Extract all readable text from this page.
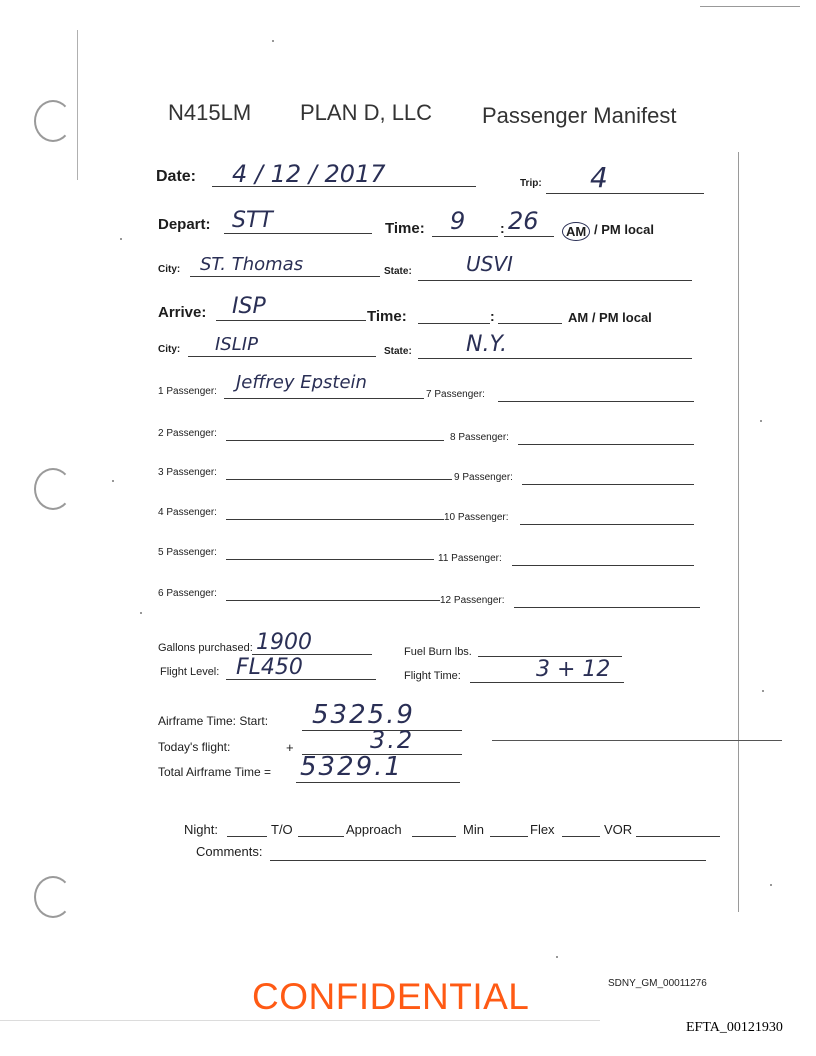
N415LM PLAN D, LLC Passenger Manifest
Date: 4 / 12 / 2017	Trip: 4
Depart: STT	Time: 9 : 26	AM / PM local
City: ST. Thomas	State:	USVI
Arrive: ISP	Time:	:	AM / PM local
City: ISLIP	State: N.Y.
1 Passenger: Jeffrey Epstein
2 Passenger:
3 Passenger:
4 Passenger:
5 Passenger:
6 Passenger:
7 Passenger:
8 Passenger:
9 Passenger:
10 Passenger:
11 Passenger:
12 Passenger:
Gallons purchased: 1900	Fuel Burn lbs.
Flight Level: FL450	Flight Time:	3 + 12
Airframe Time: Start: 5325.9
Today's flight:	+	3.2
Total Airframe Time = 5329.1
Night:	T/O	Approach	Min	Flex	VOR
Comments:
SDNY_GM_00011276
CONFIDENTIAL
EFTA_00121930
